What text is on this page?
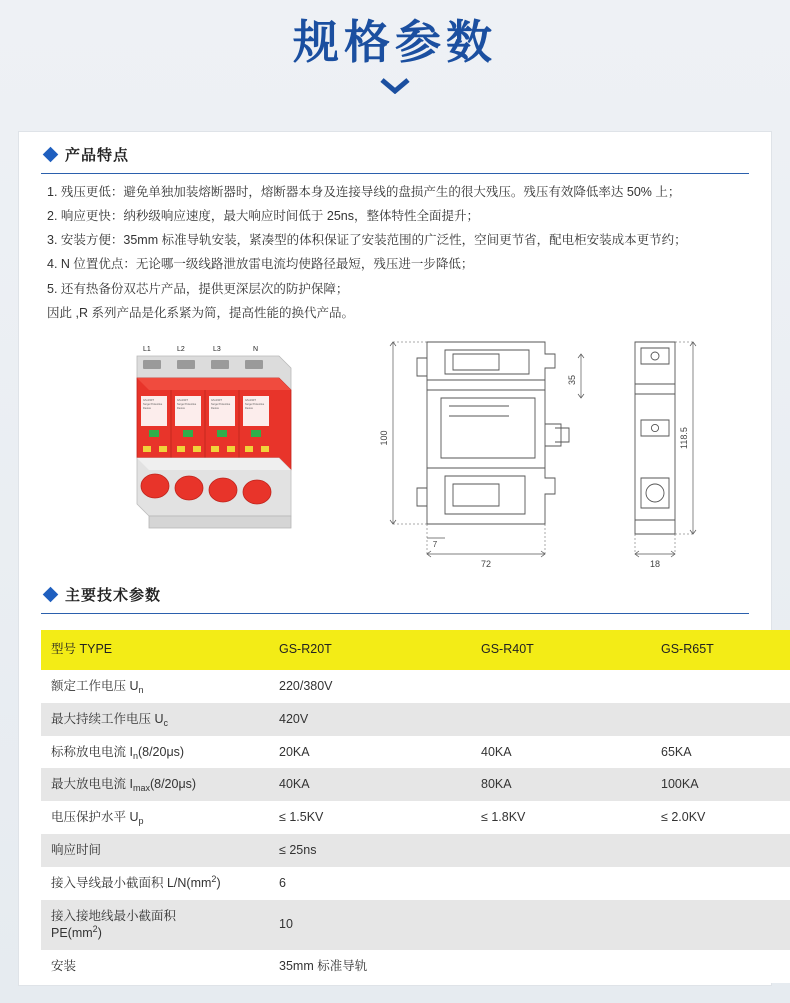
规格参数
产品特点

1. 残压更低：避免单独加装熔断器时，熔断器本身及连接导线的盘损产生的很大残压。残压有效降低率达 50% 上；

2. 响应更快：纳秒级响应速度，最大响应时间低于 25ns，整体特性全面提升；

3. 安装方便：35mm 标准导轨安装，紧凑型的体积保证了安装范围的广泛性，空间更节省，配电柜安装成本更节约；

4. N 位置优点：无论哪一级线路泄放雷电流均使路径最短，残压进一步降低；

5. 还有热备份双芯片产品，提供更深层次的防护保障；

因此 ,R 系列产品是化系紧为简，提高性能的换代产品。

L1	L2	L3	N
GS-R40T
Surge Protective
Device
GS-R40T
Surge Protective
Device
GS-R40T
Surge Protective
Device
GS-R40T
Surge Protective
Device
100
35
72
7
118.5
18
主要技术参数
型号 TYPE	GS-R20T	GS-R40T	GS-R65T
额定工作电压 $U_n$	220/380V		
最大持续工作电压 $U_c$	420V		
标称放电电流 $I_n(8/20\mu s)$	20KA	40KA	65KA
最大放电电流 $I_{max}(8/20\mu s)$	40KA	80KA	100KA
电压保护水平 $U_p$	≤ 1.5KV	≤ 1.8KV	≤ 2.0KV
响应时间	≤ 25ns		
接入导线最小截面积 $L/N(mm^2)$	6		
接入接地线最小截面积
$PE(mm^2)$	10		
安装	35mm 标准导轨		
